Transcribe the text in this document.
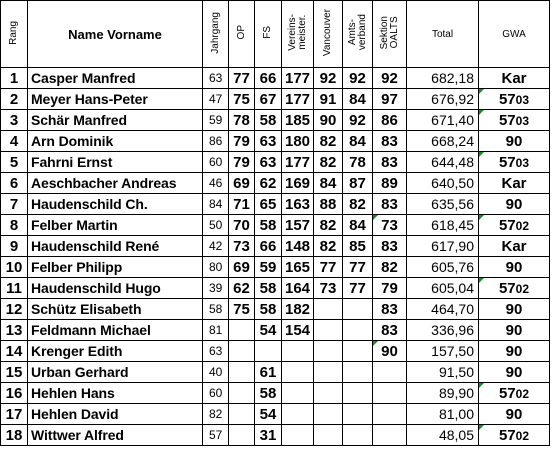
Rang	Name Vorname	Jahrgang	OP	FS	Vereins-
meister.	Vancouver	Amts-
verband	Sektion
OALTS	Total	GWA
1	Casper Manfred	63	77	66	177	92	92	92	682,18	Kar
2	Meyer Hans-Peter	47	75	67	177	91	84	97	676,92	5703
3	Schär Manfred	59	78	58	185	90	92	86	671,40	5703
4	Arn Dominik	86	79	63	180	82	84	83	668,24	90
5	Fahrni Ernst	60	79	63	177	82	78	83	644,48	5703
6	Aeschbacher Andreas	46	69	62	169	84	87	89	640,50	Kar
7	Haudenschild Ch.	84	71	65	163	88	82	83	635,56	90
8	Felber Martin	50	70	58	157	82	84	73	618,45	5702
9	Haudenschild René	42	73	66	148	82	85	83	617,90	Kar
10	Felber Philipp	80	69	59	165	77	77	82	605,76	90
11	Haudenschild Hugo	39	62	58	164	73	77	79	605,04	5702
12	Schütz Elisabeth	58	75	58	182			83	464,70	90
13	Feldmann Michael	81		54	154			83	336,96	90
14	Krenger Edith	63						90	157,50	90
15	Urban Gerhard	40		61					91,50	90
16	Hehlen Hans	60		58					89,90	5702
17	Hehlen David	82		54					81,00	90
18	Wittwer Alfred	57		31					48,05	5702
